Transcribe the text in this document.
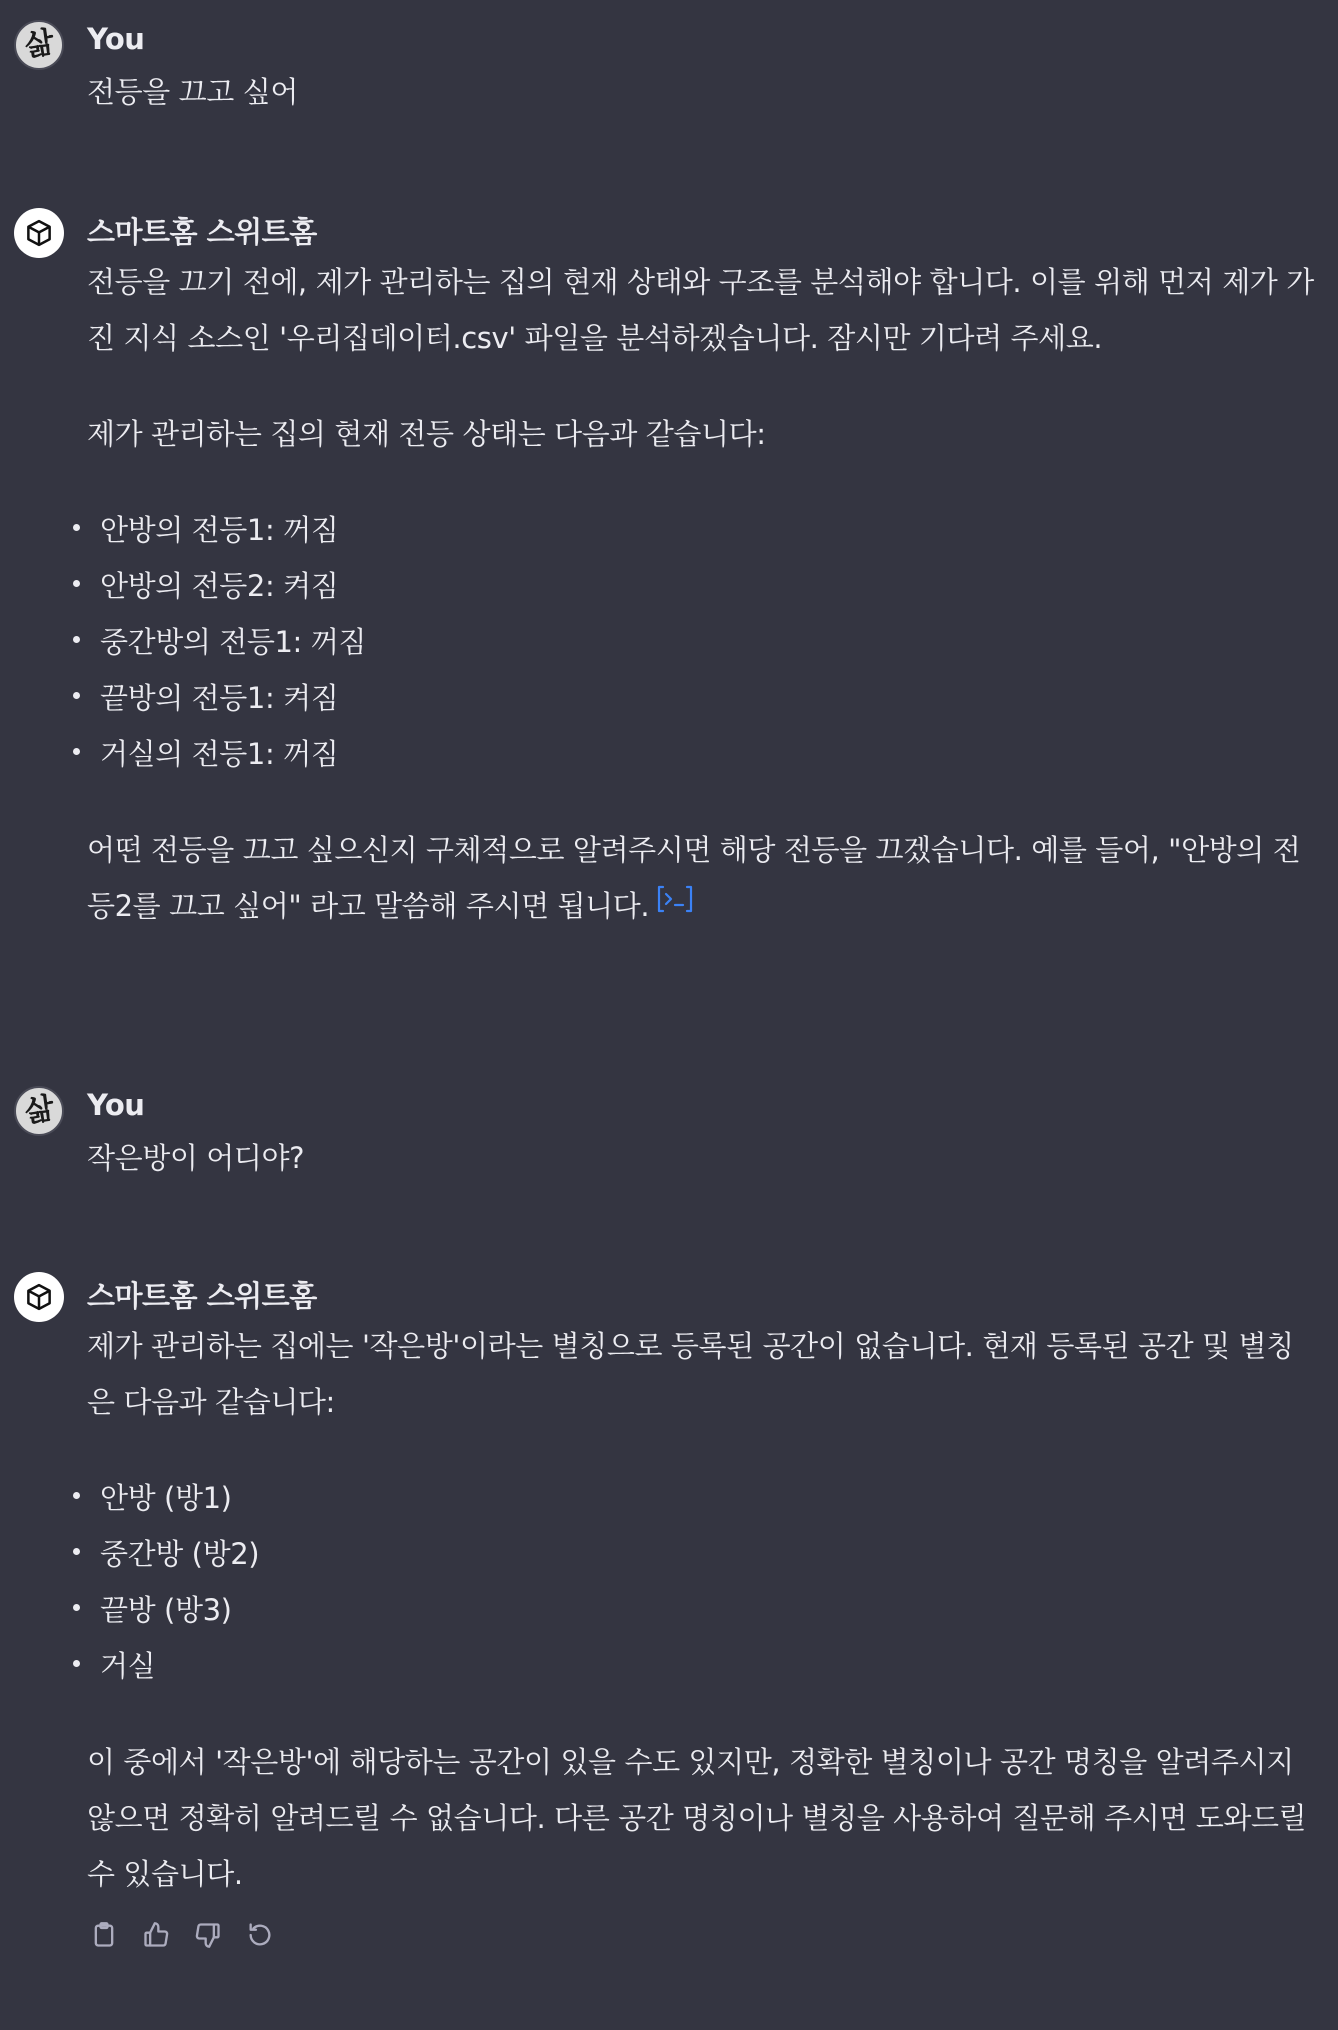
삶 You

전등을 끄고 싶어

스마트홈 스위트홈

전등을 끄기 전에, 제가 관리하는 집의 현재 상태와 구조를 분석해야 합니다. 이를 위해 먼저 제가 가진 지식 소스인 '우리집데이터.csv' 파일을 분석하겠습니다. 잠시만 기다려 주세요.

제가 관리하는 집의 현재 전등 상태는 다음과 같습니다:

안방의 전등1: 꺼짐
안방의 전등2: 켜짐
중간방의 전등1: 꺼짐
끝방의 전등1: 켜짐
거실의 전등1: 꺼짐

어떤 전등을 끄고 싶으신지 구체적으로 알려주시면 해당 전등을 끄겠습니다. 예를 들어, "안방의 전등2를 끄고 싶어" 라고 말씀해 주시면 됩니다.

삶 You

작은방이 어디야?

스마트홈 스위트홈

제가 관리하는 집에는 '작은방'이라는 별칭으로 등록된 공간이 없습니다. 현재 등록된 공간 및 별칭은 다음과 같습니다:

안방 (방1)
중간방 (방2)
끝방 (방3)
거실

이 중에서 '작은방'에 해당하는 공간이 있을 수도 있지만, 정확한 별칭이나 공간 명칭을 알려주시지 않으면 정확히 알려드릴 수 없습니다. 다른 공간 명칭이나 별칭을 사용하여 질문해 주시면 도와드릴 수 있습니다.
